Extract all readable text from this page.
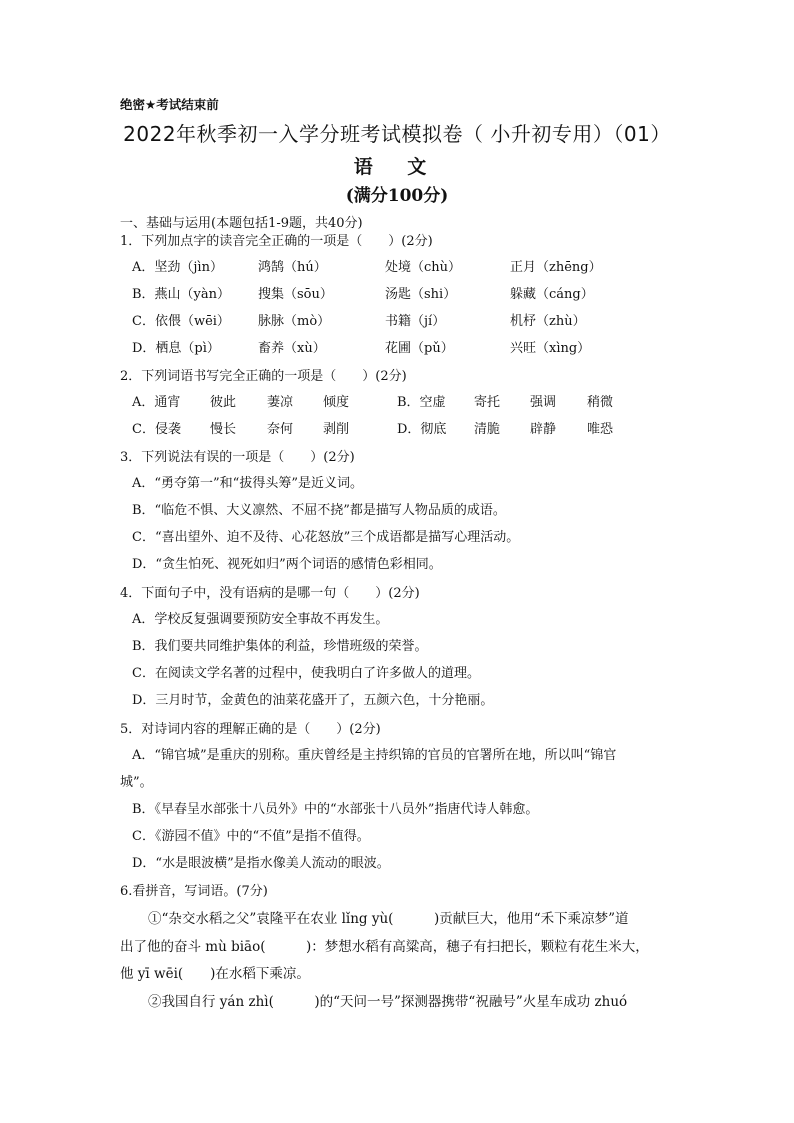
绝密★考试结束前
2022年秋季初一入学分班考试模拟卷（ 小升初专用）（01）
语 文
(满分100分)
一、基础与运用(本题包括1-9题，共40分)
1．下列加点字的读音完全正确的一项是（　　）(2分)
A．坚劲（jìn）	鸿鹄（hú）	处境（chù）	正月（zhēng）
B．燕山（yàn） 搜集（sōu）	汤匙（shi）	躲藏（cáng）
C．依偎（wēi） 脉脉（mò）	书籍（jí）	机杼（zhù）
D．栖息（pì）	畜养（xù）	花圃（pǔ）	兴旺（xìng）
2．下列词语书写完全正确的一项是（　　）(2分)
A．通宵 彼此 萋凉 倾度	B．空虚 寄托 强调 稍微
C．侵袭 慢长 奈何 剥削	D．彻底 清脆 辟静 唯恐
3．下列说法有误的一项是（　　）(2分)
A．“勇夺第一”和“拔得头筹”是近义词。
B．“临危不惧、大义凛然、不屈不挠”都是描写人物品质的成语。
C．“喜出望外、迫不及待、心花怒放”三个成语都是描写心理活动。
D．“贪生怕死、视死如归”两个词语的感情色彩相同。
4．下面句子中，没有语病的是哪一句（　　）(2分)
A．学校反复强调要预防安全事故不再发生。
B．我们要共同维护集体的利益，珍惜班级的荣誉。
C．在阅读文学名著的过程中，使我明白了许多做人的道理。
D．三月时节，金黄色的油菜花盛开了，五颜六色，十分艳丽。
5．对诗词内容的理解正确的是（　　）(2分)
A．“锦官城”是重庆的别称。重庆曾经是主持织锦的官员的官署所在地，所以叫“锦官
城”。
B．《早春呈水部张十八员外》中的“水部张十八员外”指唐代诗人韩愈。
C．《游园不值》中的“不值”是指不值得。
D．“水是眼波横”是指水像美人流动的眼波。
6.看拼音，写词语。(7分)
①“杂交水稻之父”袁隆平在农业 lǐng yù(　　　)贡献巨大，他用“禾下乘凉梦”道
出了他的奋斗 mù biāo(　　　)：梦想水稻有高粱高，穗子有扫把长，颗粒有花生米大，
他 yī wēi(　　)在水稻下乘凉。
②我国自行 yán zhì(　　　)的“天问一号”探测器携带“祝融号”火星车成功 zhuó
